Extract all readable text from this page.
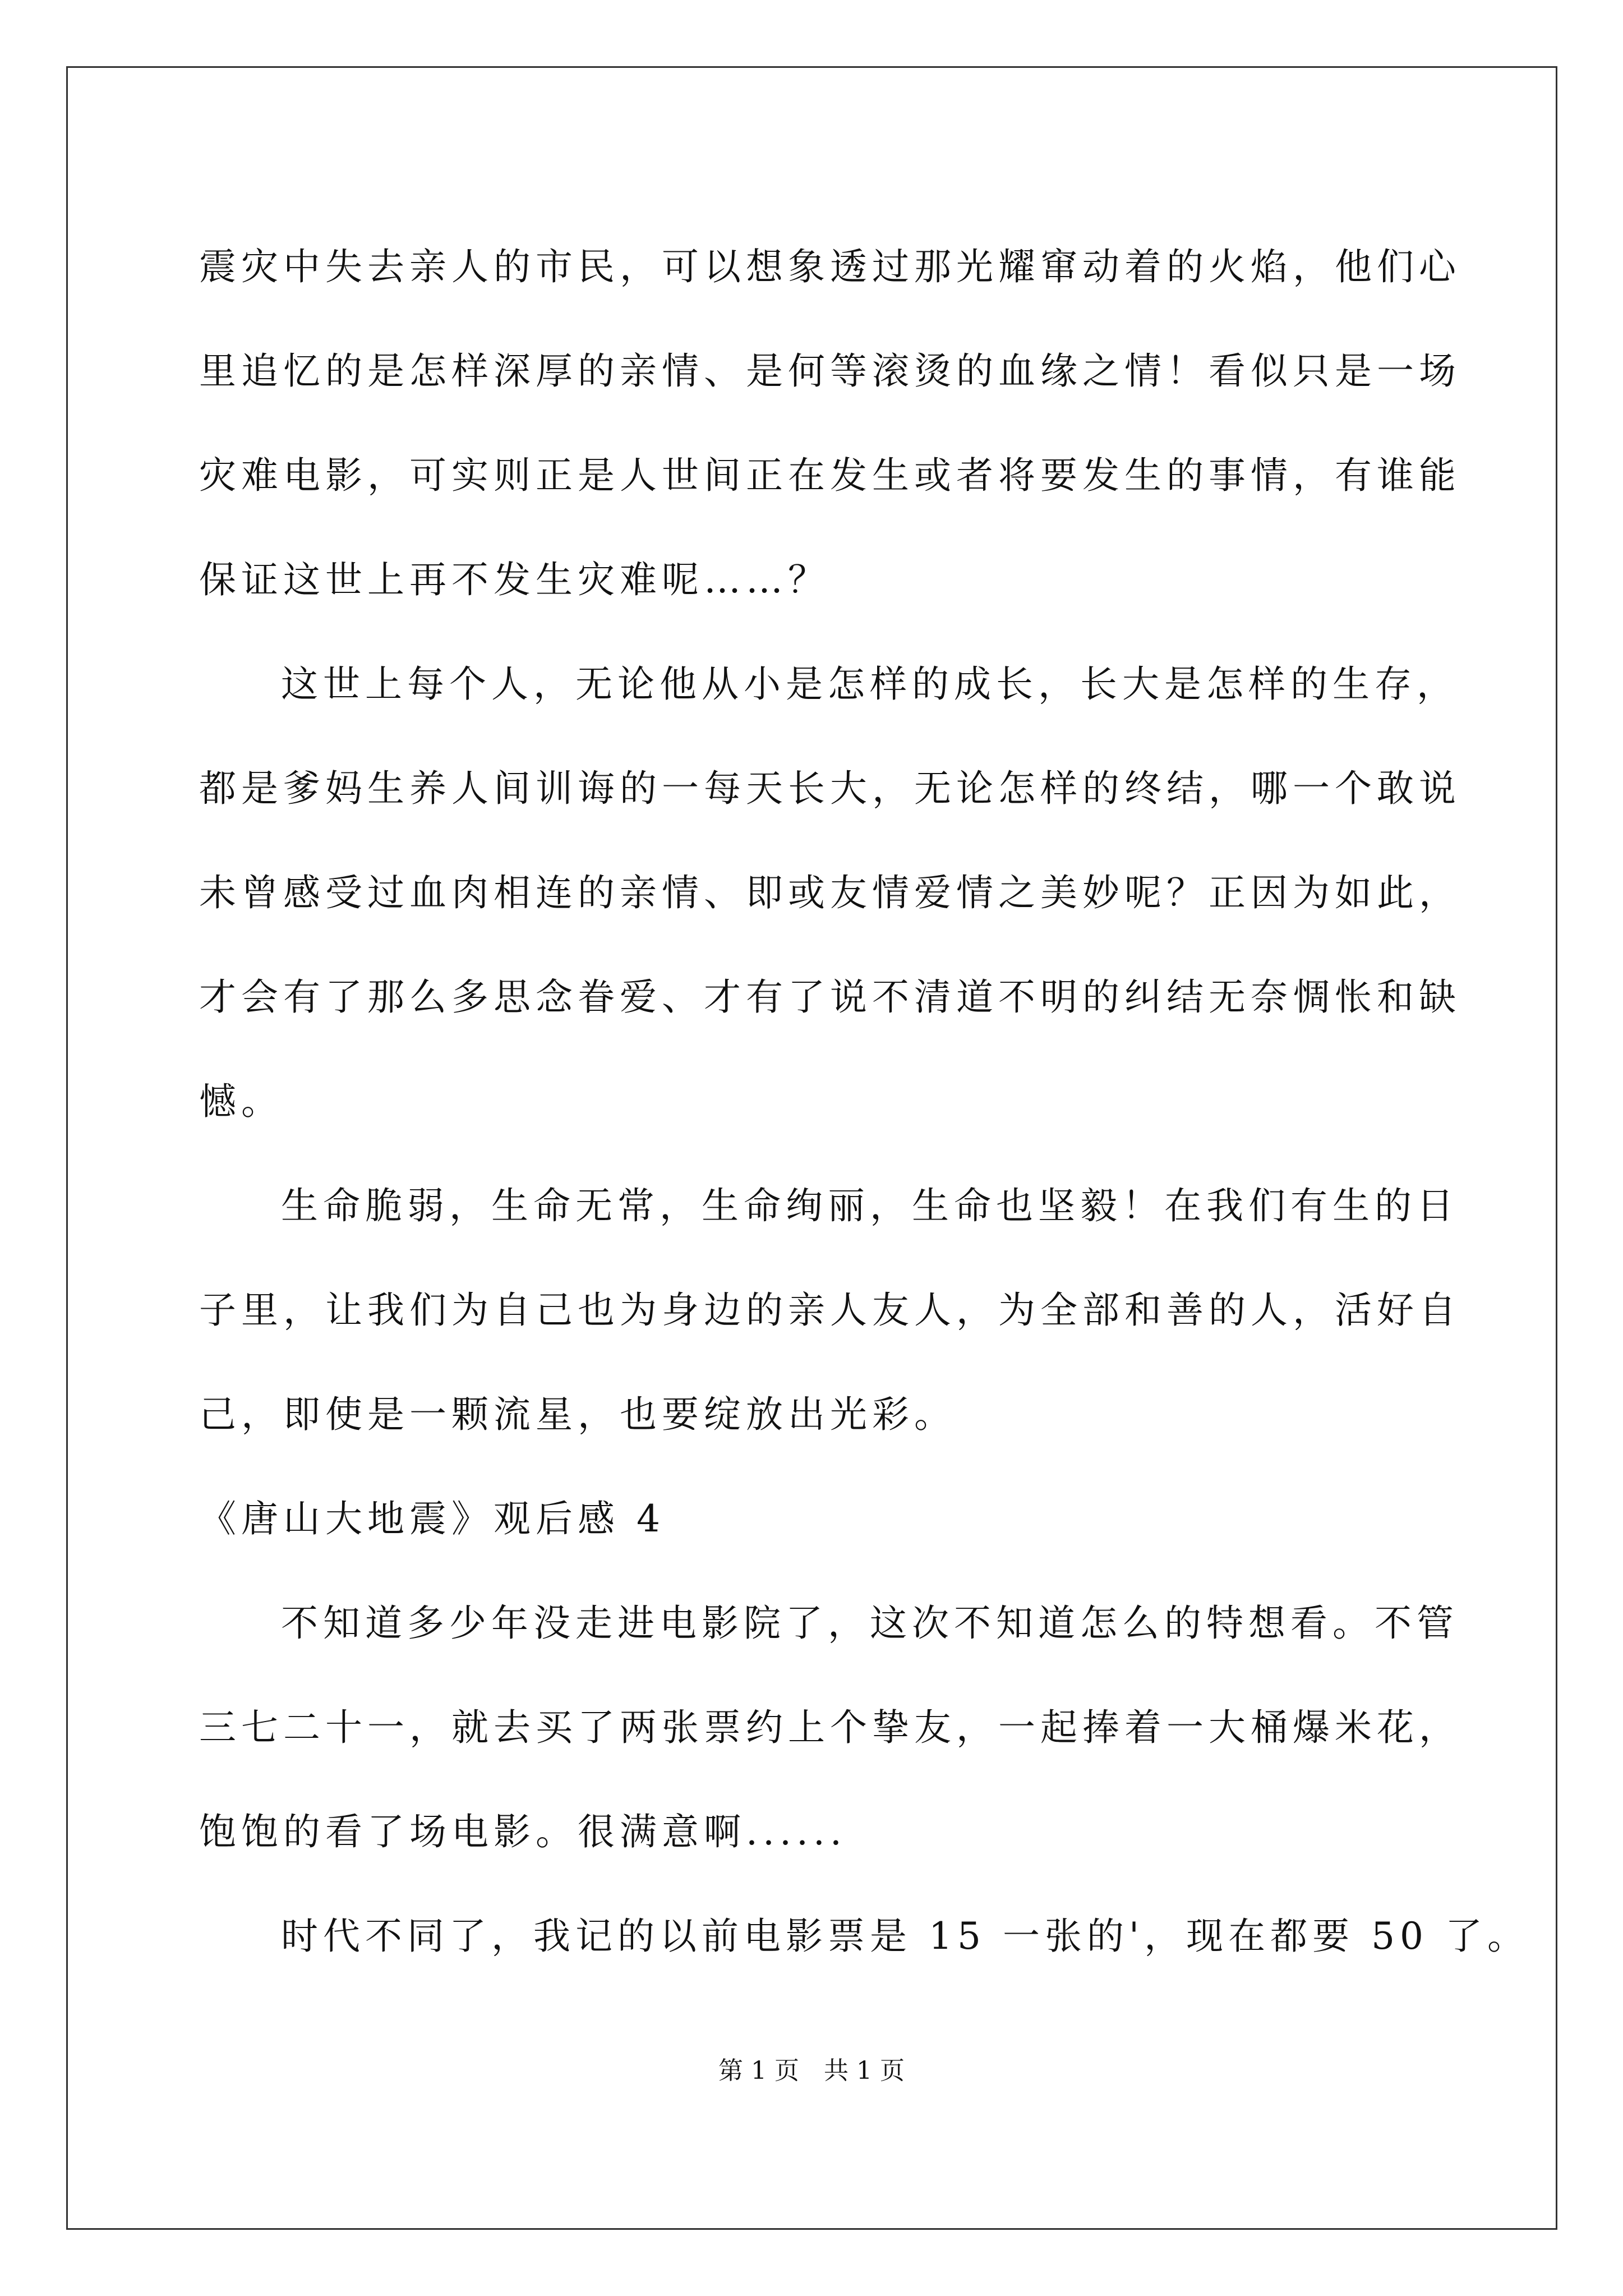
震灾中失去亲人的市民，可以想象透过那光耀窜动着的火焰，他们心
里追忆的是怎样深厚的亲情、是何等滚烫的血缘之情！看似只是一场
灾难电影，可实则正是人世间正在发生或者将要发生的事情，有谁能
保证这世上再不发生灾难呢……？
这世上每个人，无论他从小是怎样的成长，长大是怎样的生存，
都是爹妈生养人间训诲的一每天长大，无论怎样的终结，哪一个敢说
未曾感受过血肉相连的亲情、即或友情爱情之美妙呢？正因为如此，
才会有了那么多思念眷爱、才有了说不清道不明的纠结无奈惆怅和缺
憾。
生命脆弱，生命无常，生命绚丽，生命也坚毅！在我们有生的日
子里，让我们为自己也为身边的亲人友人，为全部和善的人，活好自
己，即使是一颗流星，也要绽放出光彩。
《唐山大地震》观后感 4
不知道多少年没走进电影院了，这次不知道怎么的特想看。不管
三七二十一，就去买了两张票约上个挚友，一起捧着一大桶爆米花，
饱饱的看了场电影。很满意啊......
时代不同了，我记的以前电影票是 15 一张的'，现在都要 50 了。
第 1 页　共 1 页
